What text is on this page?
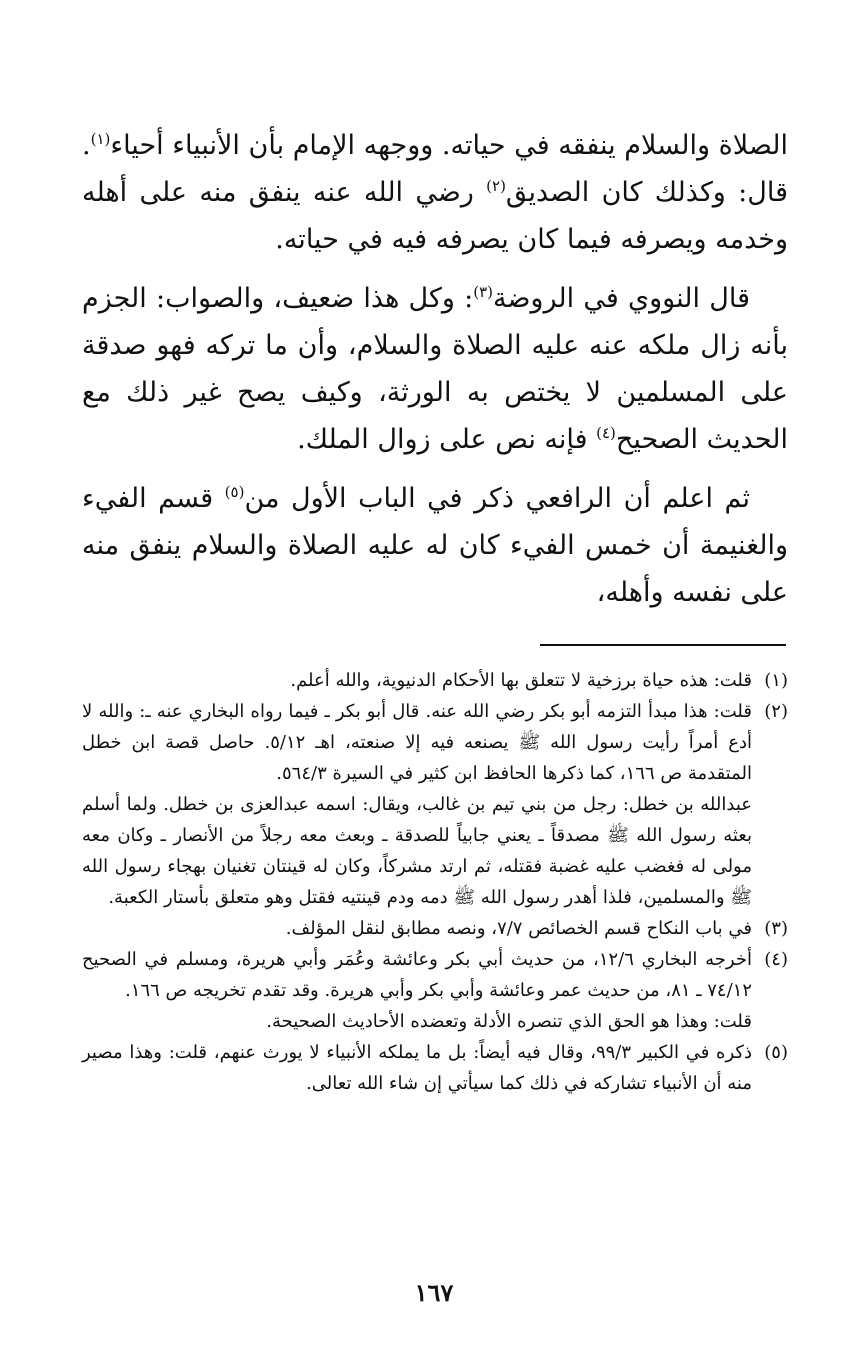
الصلاة والسلام ينفقه في حياته. ووجهه الإمام بأن الأنبياء أحياء$^{(١)}$. قال: وكذلك كان الصديق$^{(٢)}$ رضي الله عنه ينفق منه على أهله وخدمه ويصرفه فيما كان يصرفه فيه في حياته.

قال النووي في الروضة$^{(٣)}$: وكل هذا ضعيف، والصواب: الجزم بأنه زال ملكه عنه عليه الصلاة والسلام، وأن ما تركه فهو صدقة على المسلمين لا يختص به الورثة، وكيف يصح غير ذلك مع الحديث الصحيح$^{(٤)}$ فإنه نص على زوال الملك.

ثم اعلم أن الرافعي ذكر في الباب الأول من$^{(٥)}$ قسم الفيء والغنيمة أن خمس الفيء كان له عليه الصلاة والسلام ينفق منه على نفسه وأهله،

(١)

قلت: هذه حياة برزخية لا تتعلق بها الأحكام الدنيوية، والله أعلم.

(٢)

قلت: هذا مبدأ التزمه أبو بكر رضي الله عنه. قال أبو بكر ـ فيما رواه البخاري عنه ـ: والله لا أدع أمراً رأيت رسول الله ﷺ يصنعه فيه إلا صنعته، اهـ ٥/١٢. حاصل قصة ابن خطل المتقدمة ص ١٦٦، كما ذكرها الحافظ ابن كثير في السيرة ٥٦٤/٣.

عبدالله بن خطل: رجل من بني تيم بن غالب، ويقال: اسمه عبدالعزى بن خطل. ولما أسلم بعثه رسول الله ﷺ مصدقاً ـ يعني جابياً للصدقة ـ وبعث معه رجلاً من الأنصار ـ وكان معه مولى له فغضب عليه غضبة فقتله، ثم ارتد مشركاً، وكان له قينتان تغنيان بهجاء رسول الله ﷺ والمسلمين، فلذا أهدر رسول الله ﷺ دمه ودم قينتيه فقتل وهو متعلق بأستار الكعبة.

(٣)

في باب النكاح قسم الخصائص ٧/٧، ونصه مطابق لنقل المؤلف.

(٤)

أخرجه البخاري ١٢/٦، من حديث أبي بكر وعائشة وعُمَر وأبي هريرة، ومسلم في الصحيح ٧٤/١٢ ـ ٨١، من حديث عمر وعائشة وأبي بكر وأبي هريرة. وقد تقدم تخريجه ص ١٦٦.

قلت: وهذا هو الحق الذي تنصره الأدلة وتعضده الأحاديث الصحيحة.

(٥)

ذكره في الكبير ٩٩/٣، وقال فيه أيضاً: بل ما يملكه الأنبياء لا يورث عنهم، قلت: وهذا مصير منه أن الأنبياء تشاركه في ذلك كما سيأتي إن شاء الله تعالى.

١٦٧
